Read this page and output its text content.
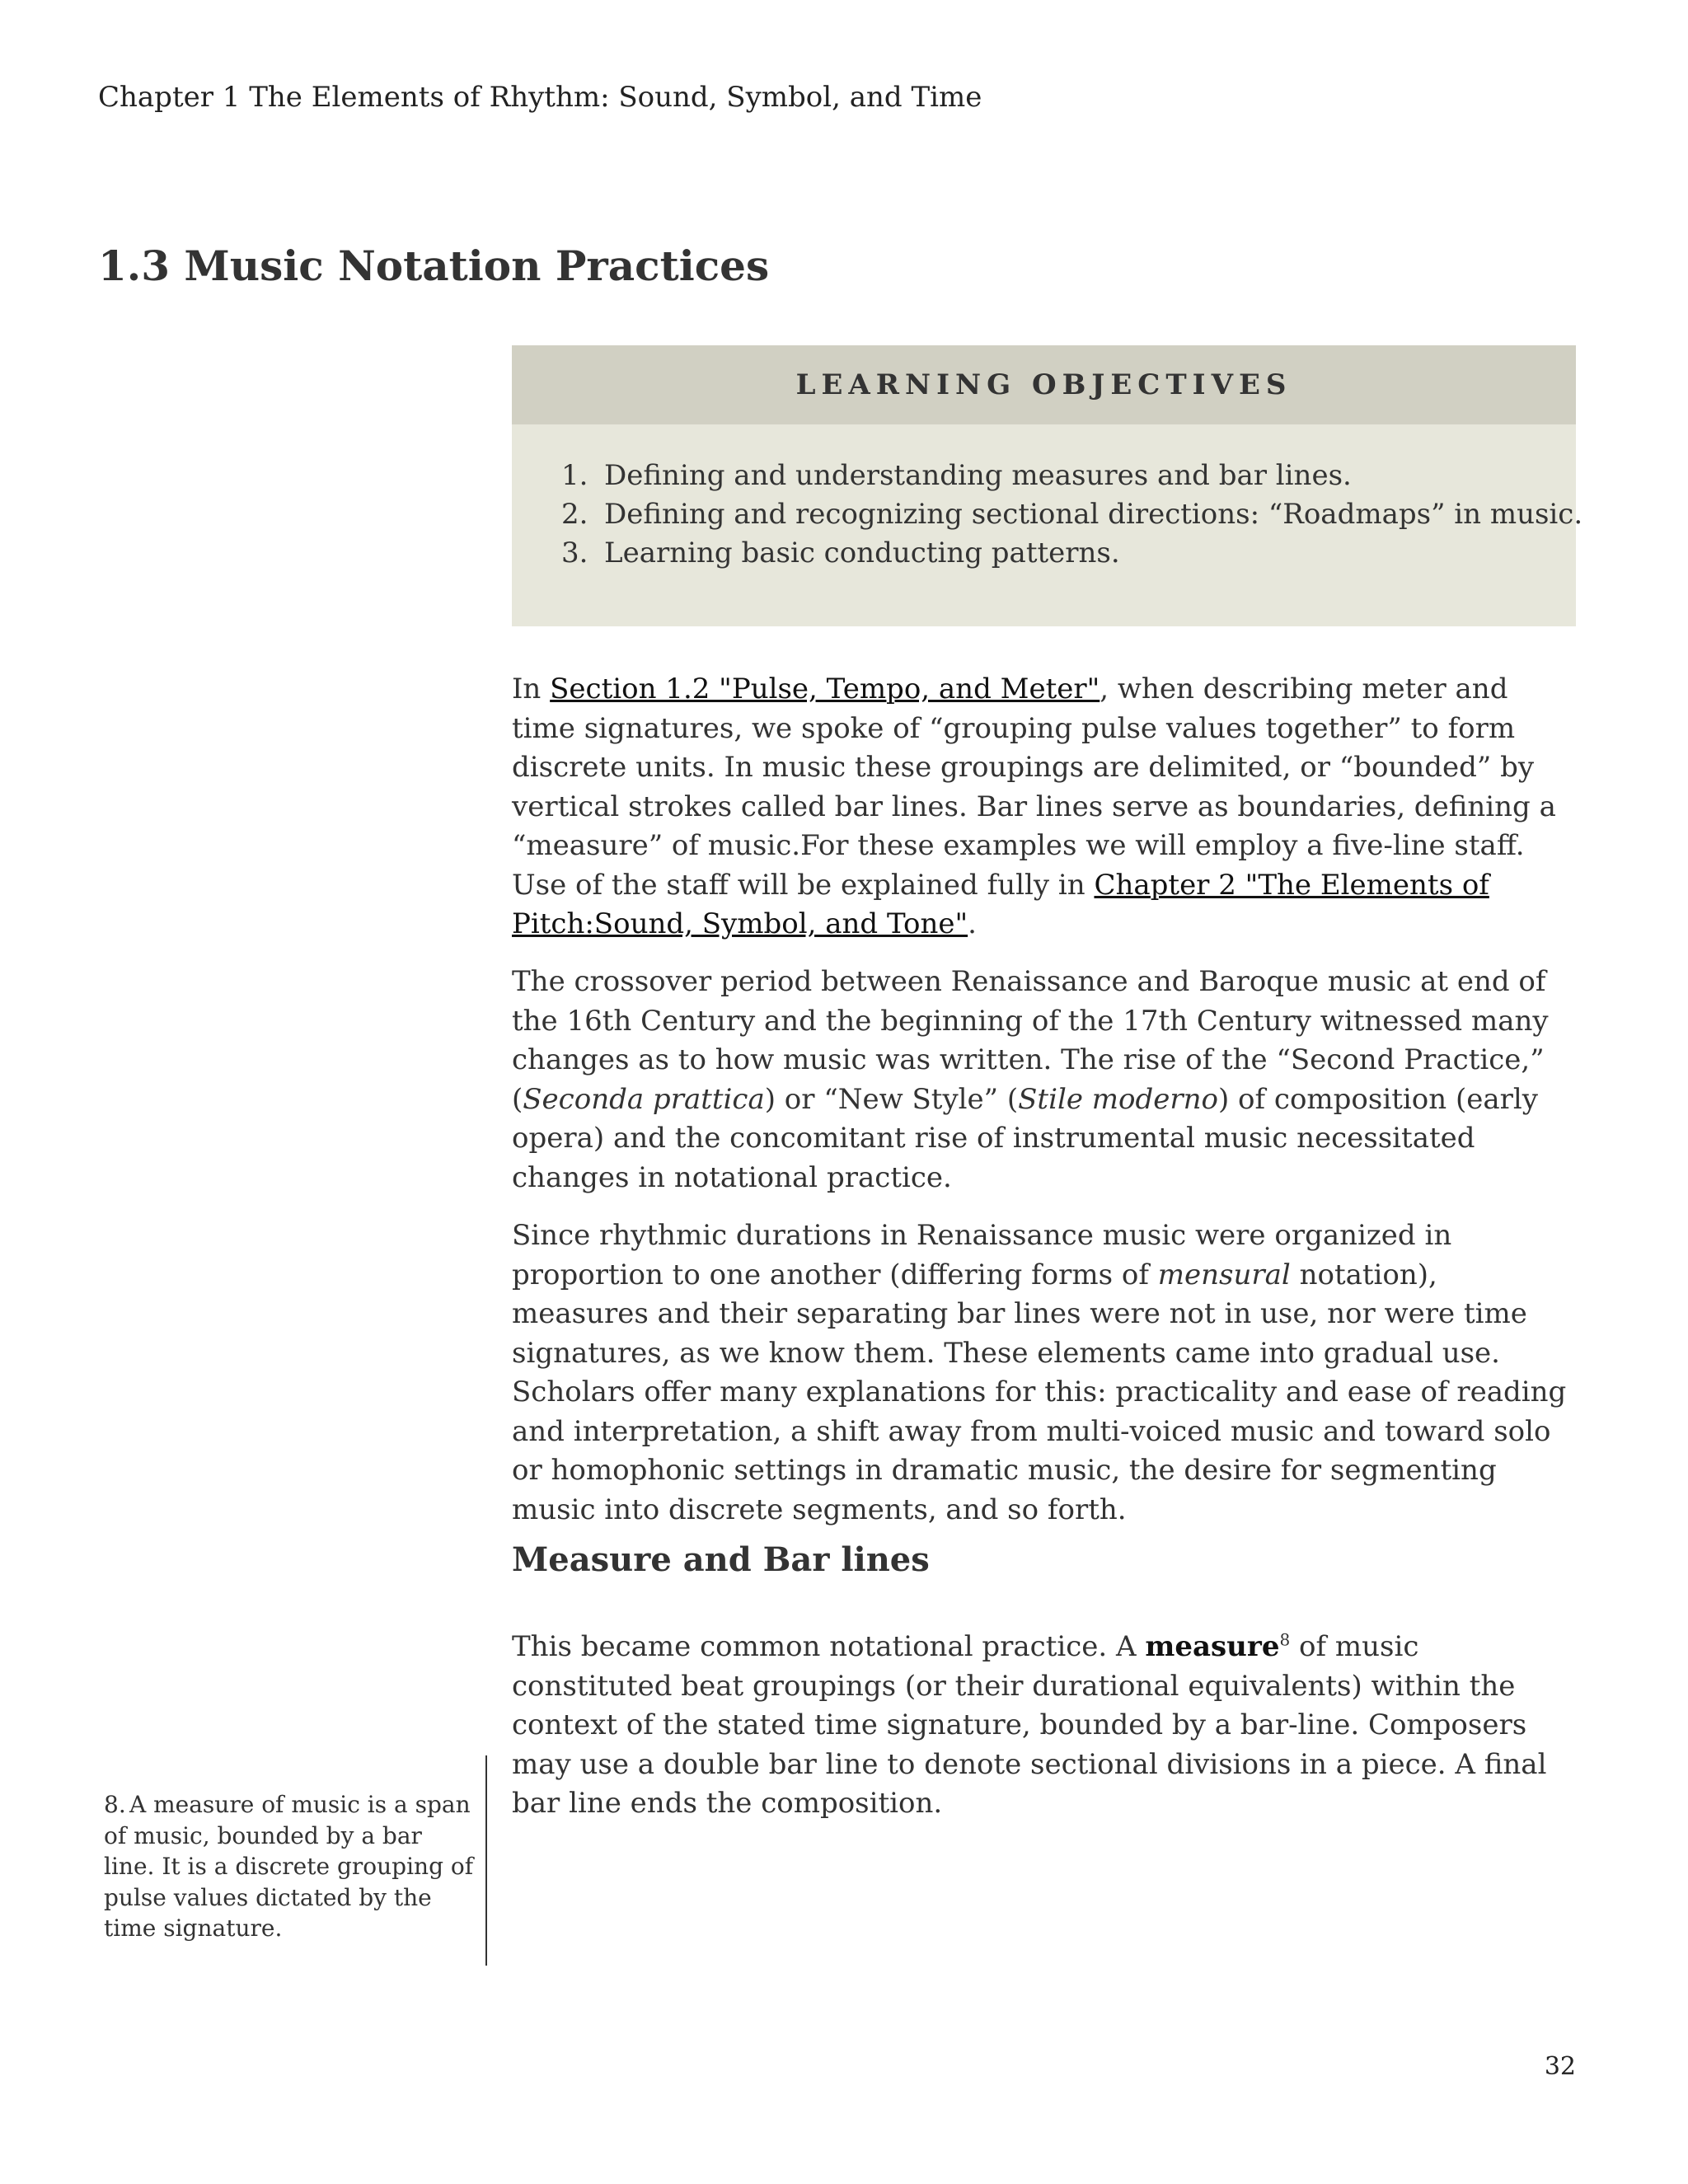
Chapter 1 The Elements of Rhythm: Sound, Symbol, and Time
1.3 Music Notation Practices
LEARNING OBJECTIVES
1. Defining and understanding measures and bar lines.
2. Defining and recognizing sectional directions: “Roadmaps” in music.
3. Learning basic conducting patterns.

In Section 1.2 "Pulse, Tempo, and Meter", when describing meter and time signatures, we spoke of “grouping pulse values together” to form discrete units. In music these groupings are delimited, or “bounded” by vertical strokes called bar lines. Bar lines serve as boundaries, defining a “measure” of music.For these examples we will employ a five-line staff. Use of the staff will be explained fully in Chapter 2 "The Elements of Pitch:Sound, Symbol, and Tone".

The crossover period between Renaissance and Baroque music at end of the 16th Century and the beginning of the 17th Century witnessed many changes as to how music was written. The rise of the “Second Practice,” (Seconda prattica) or “New Style” (Stile moderno) of composition (early opera) and the concomitant rise of instrumental music necessitated changes in notational practice.

Since rhythmic durations in Renaissance music were organized in proportion to one another (differing forms of mensural notation), measures and their separating bar lines were not in use, nor were time signatures, as we know them. These elements came into gradual use. Scholars offer many explanations for this: practicality and ease of reading and interpretation, a shift away from multi-voiced music and toward solo or homophonic settings in dramatic music, the desire for segmenting music into discrete segments, and so forth.

Measure and Bar lines

This became common notational practice. A measure$^8$ of music constituted beat groupings (or their durational equivalents) within the context of the stated time signature, bounded by a bar-line. Composers may use a double bar line to denote sectional divisions in a piece. A final bar line ends the composition.

8. A measure of music is a span of music, bounded by a bar line. It is a discrete grouping of pulse values dictated by the time signature.

32
